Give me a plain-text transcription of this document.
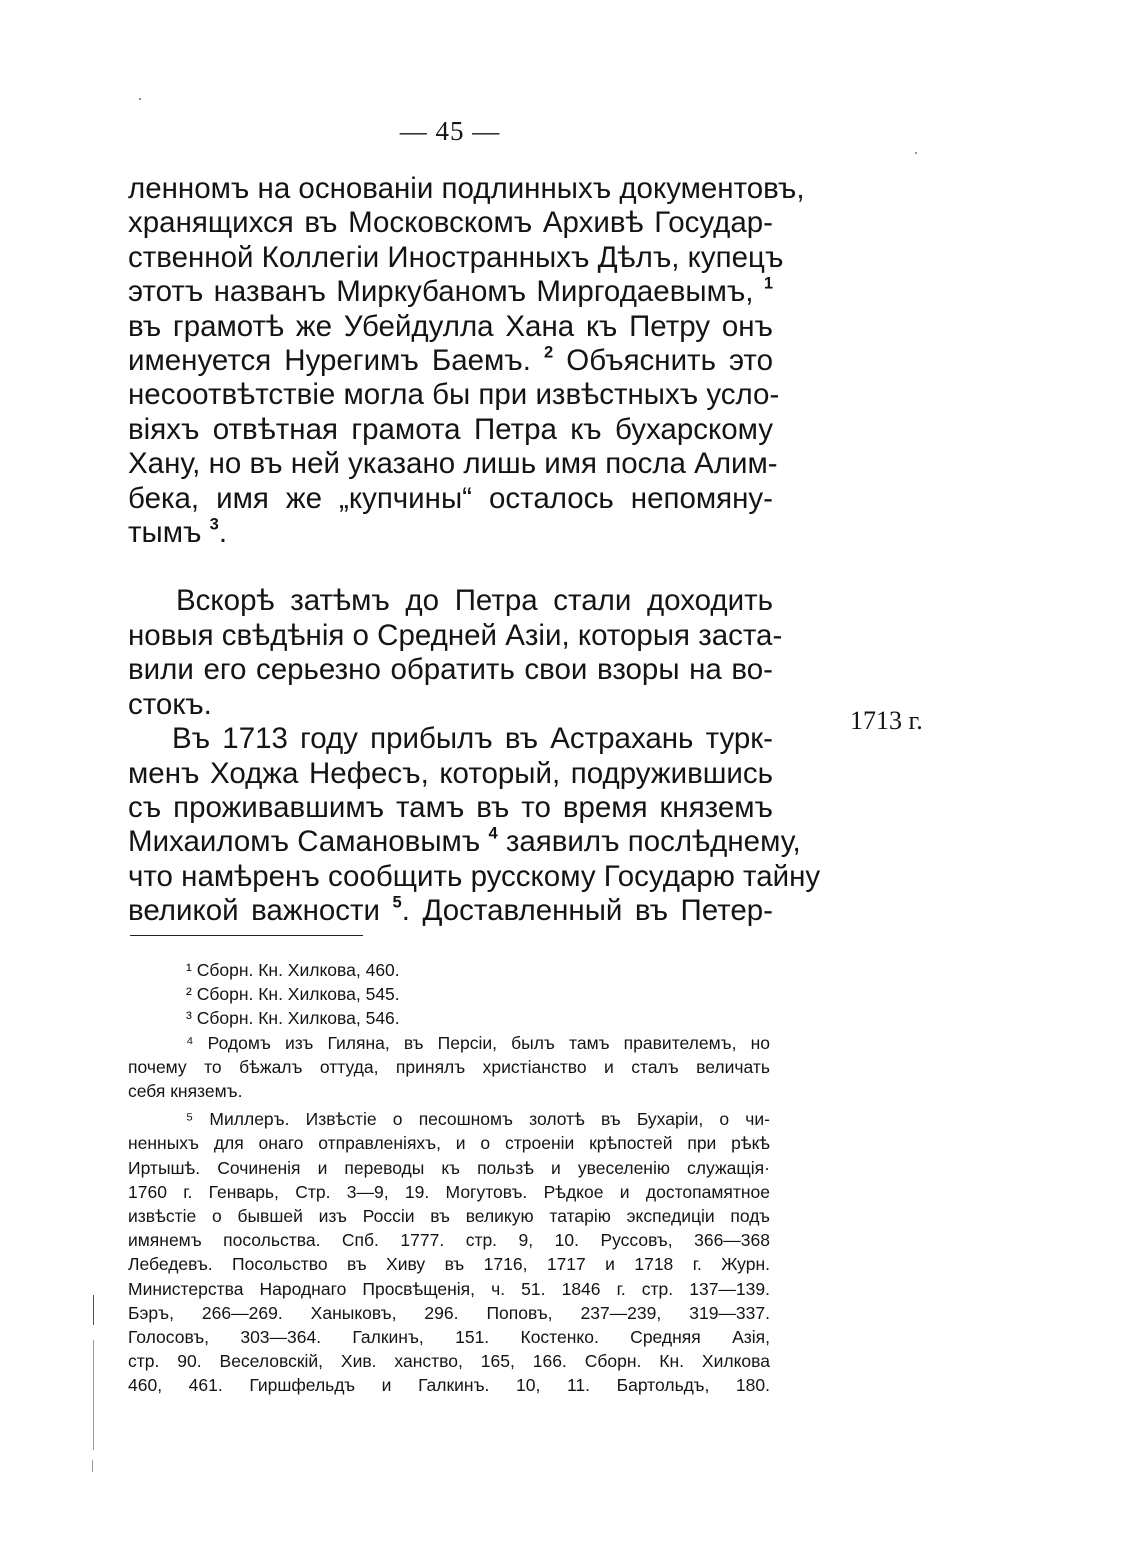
— 45 —
ленномъ на основанiи подлинныхъ документовъ,
хранящихся въ Московскомъ Архивѣ Государ-
ственной Коллегiи Иностранныхъ Дѣлъ, купецъ
этотъ названъ Миркубаномъ Миргодаевымъ, $^1$
въ грамотѣ же Убейдулла Хана къ Петру онъ
именуется Нурегимъ Баемъ. $^2$ Объяснить это
несоотвѣтствiе могла бы при извѣстныхъ усло-
вiяхъ отвѣтная грамота Петра къ бухарскому
Хану, но въ ней указано лишь имя посла Алим-
бека, имя же „купчины“ осталось непомяну-
тымъ $^3$.
Вскорѣ затѣмъ до Петра стали доходить
новыя свѣдѣнiя о Средней Азiи, которыя заста-
вили его серьезно обратить свои взоры на во-
стокъ.
Въ 1713 году прибылъ въ Астрахань турк-
менъ Ходжа Нефесъ, который, подружившись
съ проживавшимъ тамъ въ то время княземъ
Михаиломъ Самановымъ $^4$ заявилъ послѣднему,
что намѣренъ сообщить русскому Государю тайну
великой важности $^5$. Доставленный въ Петер-
1713 г.
¹ Сборн. Кн. Хилкова, 460.
² Сборн. Кн. Хилкова, 545.
³ Сборн. Кн. Хилкова, 546.
⁴ Родомъ изъ Гиляна, въ Персiи, былъ тамъ правителемъ, но
почему то бѣжалъ оттуда, принялъ христiанство и сталъ величать
себя княземъ.
⁵ Миллеръ. Извѣстiе о песошномъ золотѣ въ Бухарiи, о чи-
ненныхъ для онаго отправленiяхъ, и о строенiи крѣпостей при рѣкѣ
Иртышѣ. Сочиненiя и переводы къ пользѣ и увеселенiю служащiя·
1760 г. Генварь, Стр. 3—9, 19. Могутовъ. Рѣдкое и достопамятное
извѣстiе о бывшей изъ Россiи въ великую татарiю экспедицiи подъ
имянемъ посольства. Спб. 1777. стр. 9, 10. Руссовъ, 366—368
Лебедевъ. Посольство въ Хиву въ 1716, 1717 и 1718 г. Журн.
Министерства Народнаго Просвѣщенiя, ч. 51. 1846 г. стр. 137—139.
Бэръ, 266—269. Ханыковъ, 296. Поповъ, 237—239, 319—337.
Голосовъ, 303—364. Галкинъ, 151. Костенко. Средняя Азiя,
стр. 90. Веселовскiй, Хив. ханство, 165, 166. Сборн. Кн. Хилкова
460, 461. Гиршфельдъ и Галкинъ. 10, 11. Бартольдъ, 180.
